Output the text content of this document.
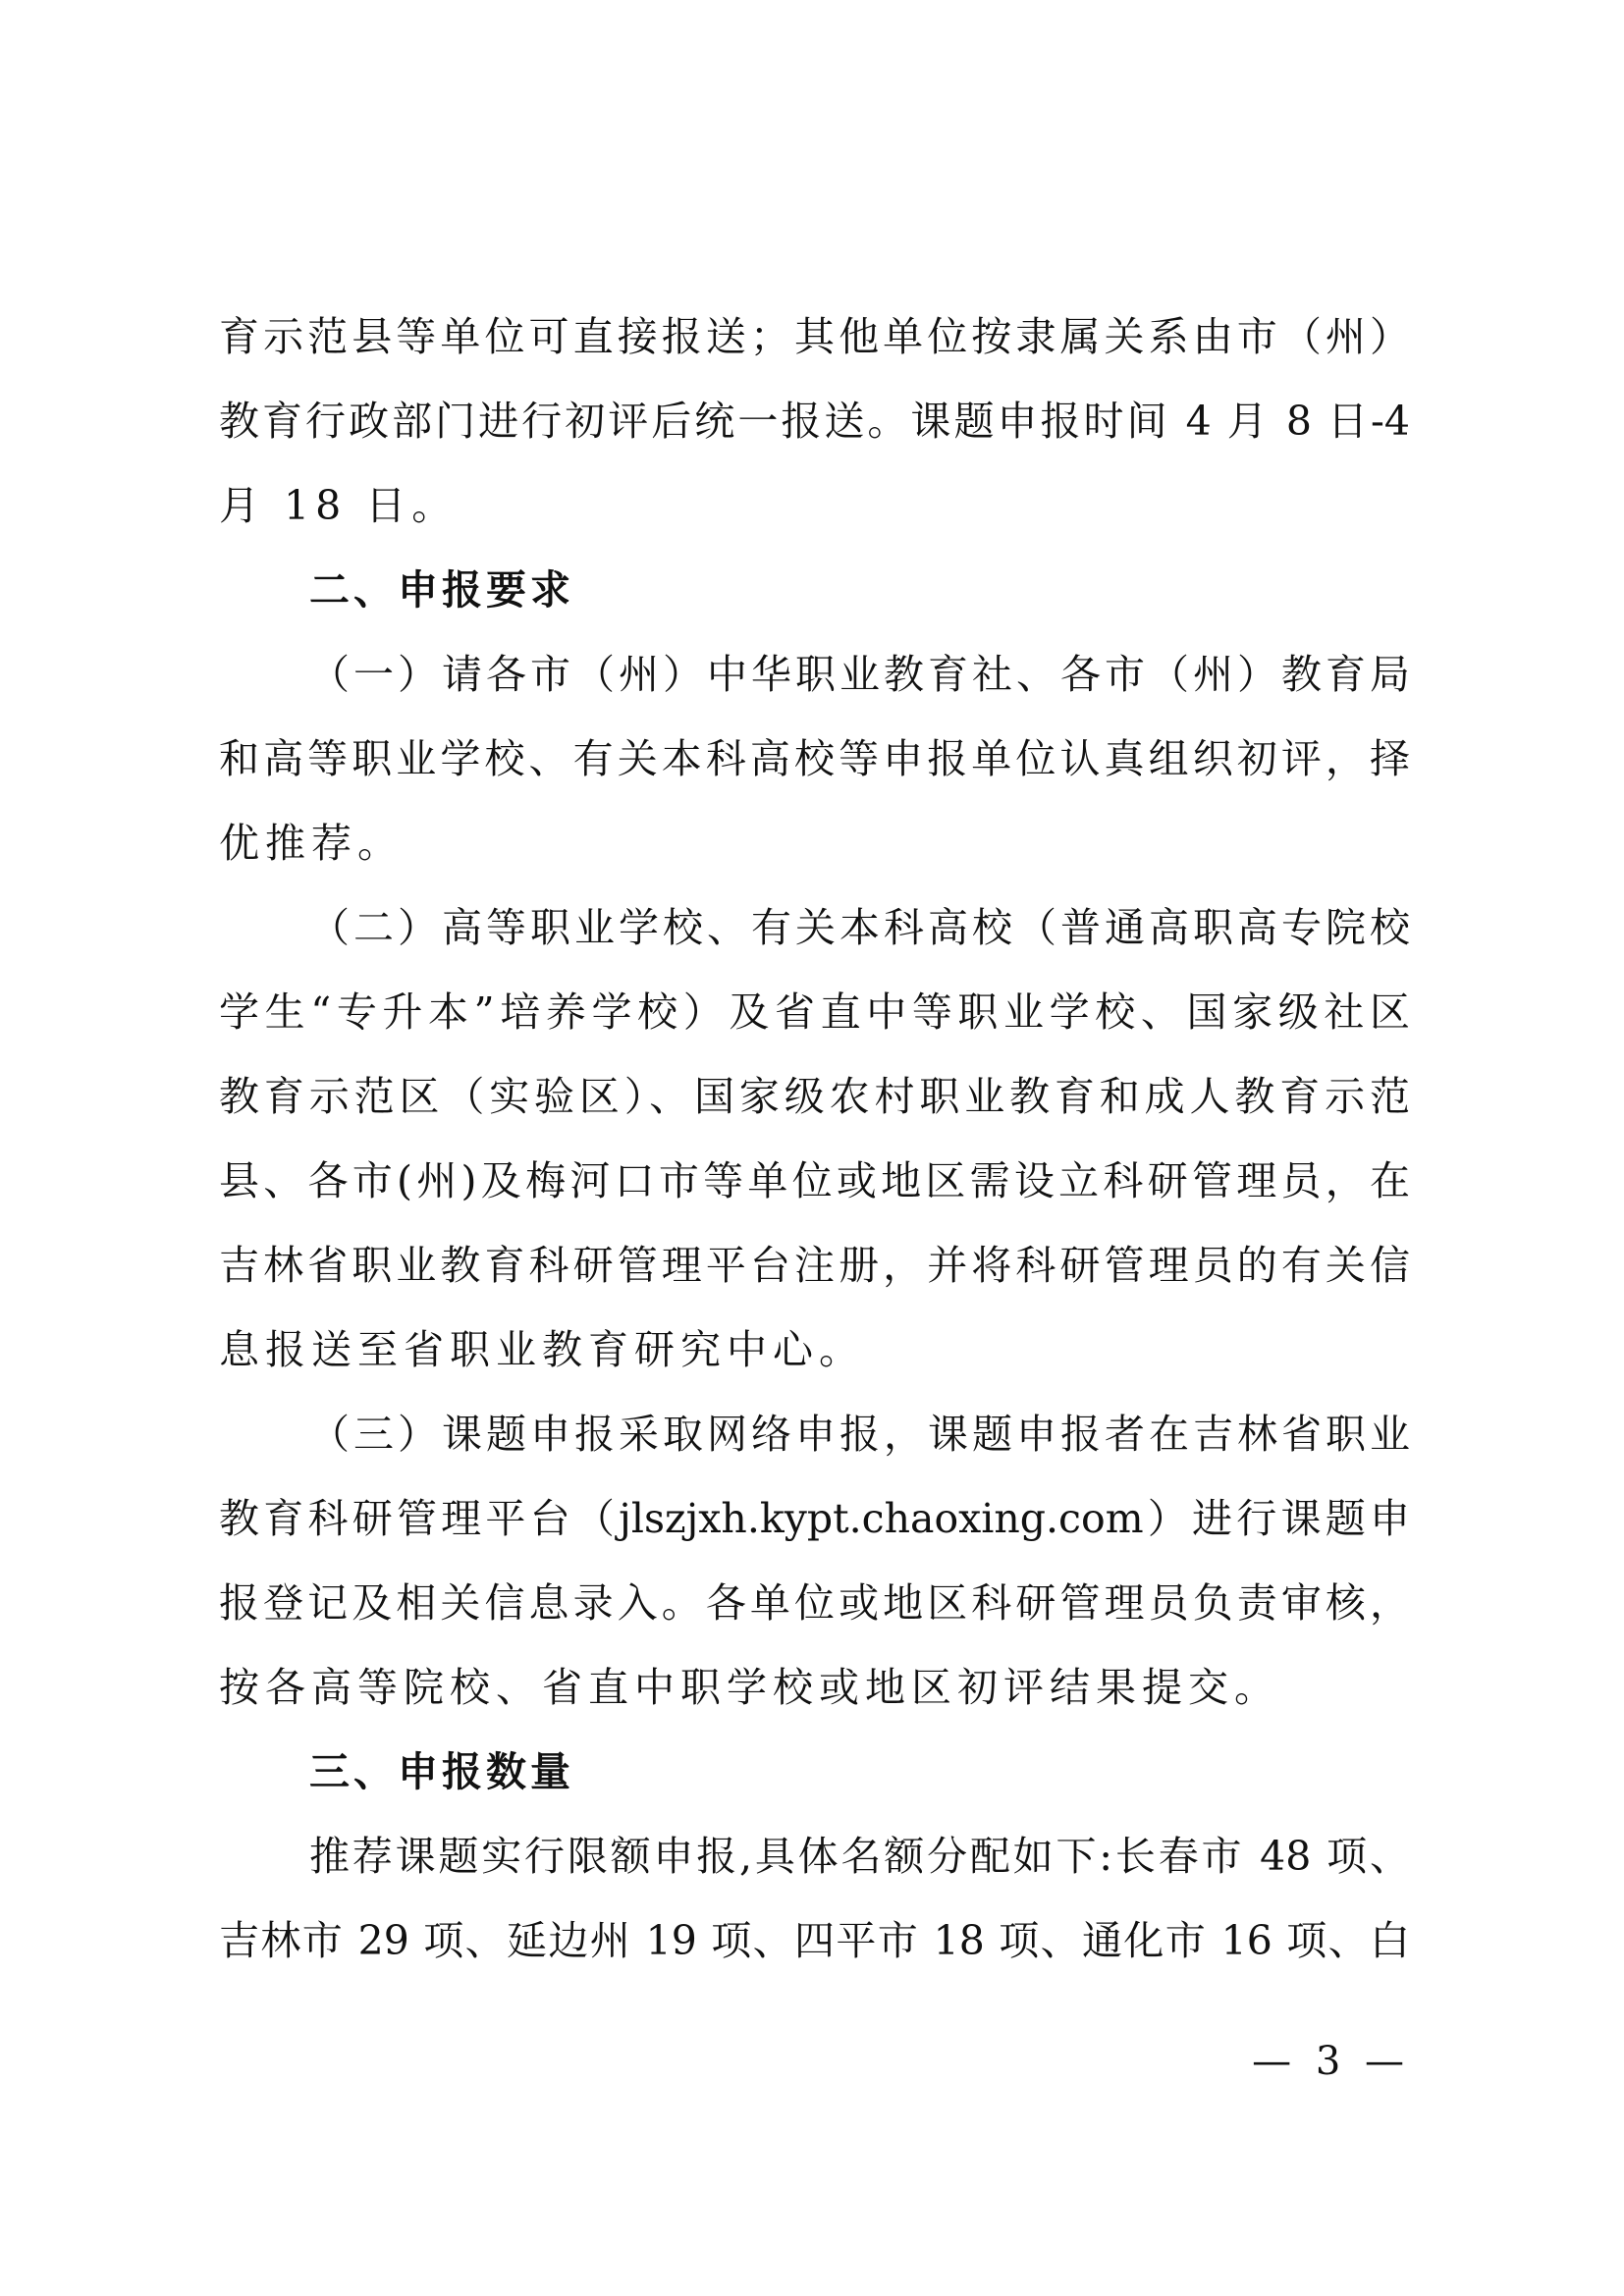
育示范县等单位可直接报送；其他单位按隶属关系由市（州）
教育行政部门进行初评后统一报送。课题申报时间 4 月 8 日-4
月 18 日。
二、申报要求
（一）请各市（州）中华职业教育社、各市（州）教育局
和高等职业学校、有关本科高校等申报单位认真组织初评，择
优推荐。
（二）高等职业学校、有关本科高校（普通高职高专院校
学生“专升本”培养学校）及省直中等职业学校、国家级社区
教育示范区（实验区）、国家级农村职业教育和成人教育示范
县、各市(州)及梅河口市等单位或地区需设立科研管理员，在
吉林省职业教育科研管理平台注册，并将科研管理员的有关信
息报送至省职业教育研究中心。
（三）课题申报采取网络申报，课题申报者在吉林省职业
教育科研管理平台（jlszjxh.kypt.chaoxing.com）进行课题申
报登记及相关信息录入。各单位或地区科研管理员负责审核，
按各高等院校、省直中职学校或地区初评结果提交。
三、申报数量
推荐课题实行限额申报,具体名额分配如下:长春市 48 项、
吉林市 29 项、延边州 19 项、四平市 18 项、通化市 16 项、白
— 3 —
